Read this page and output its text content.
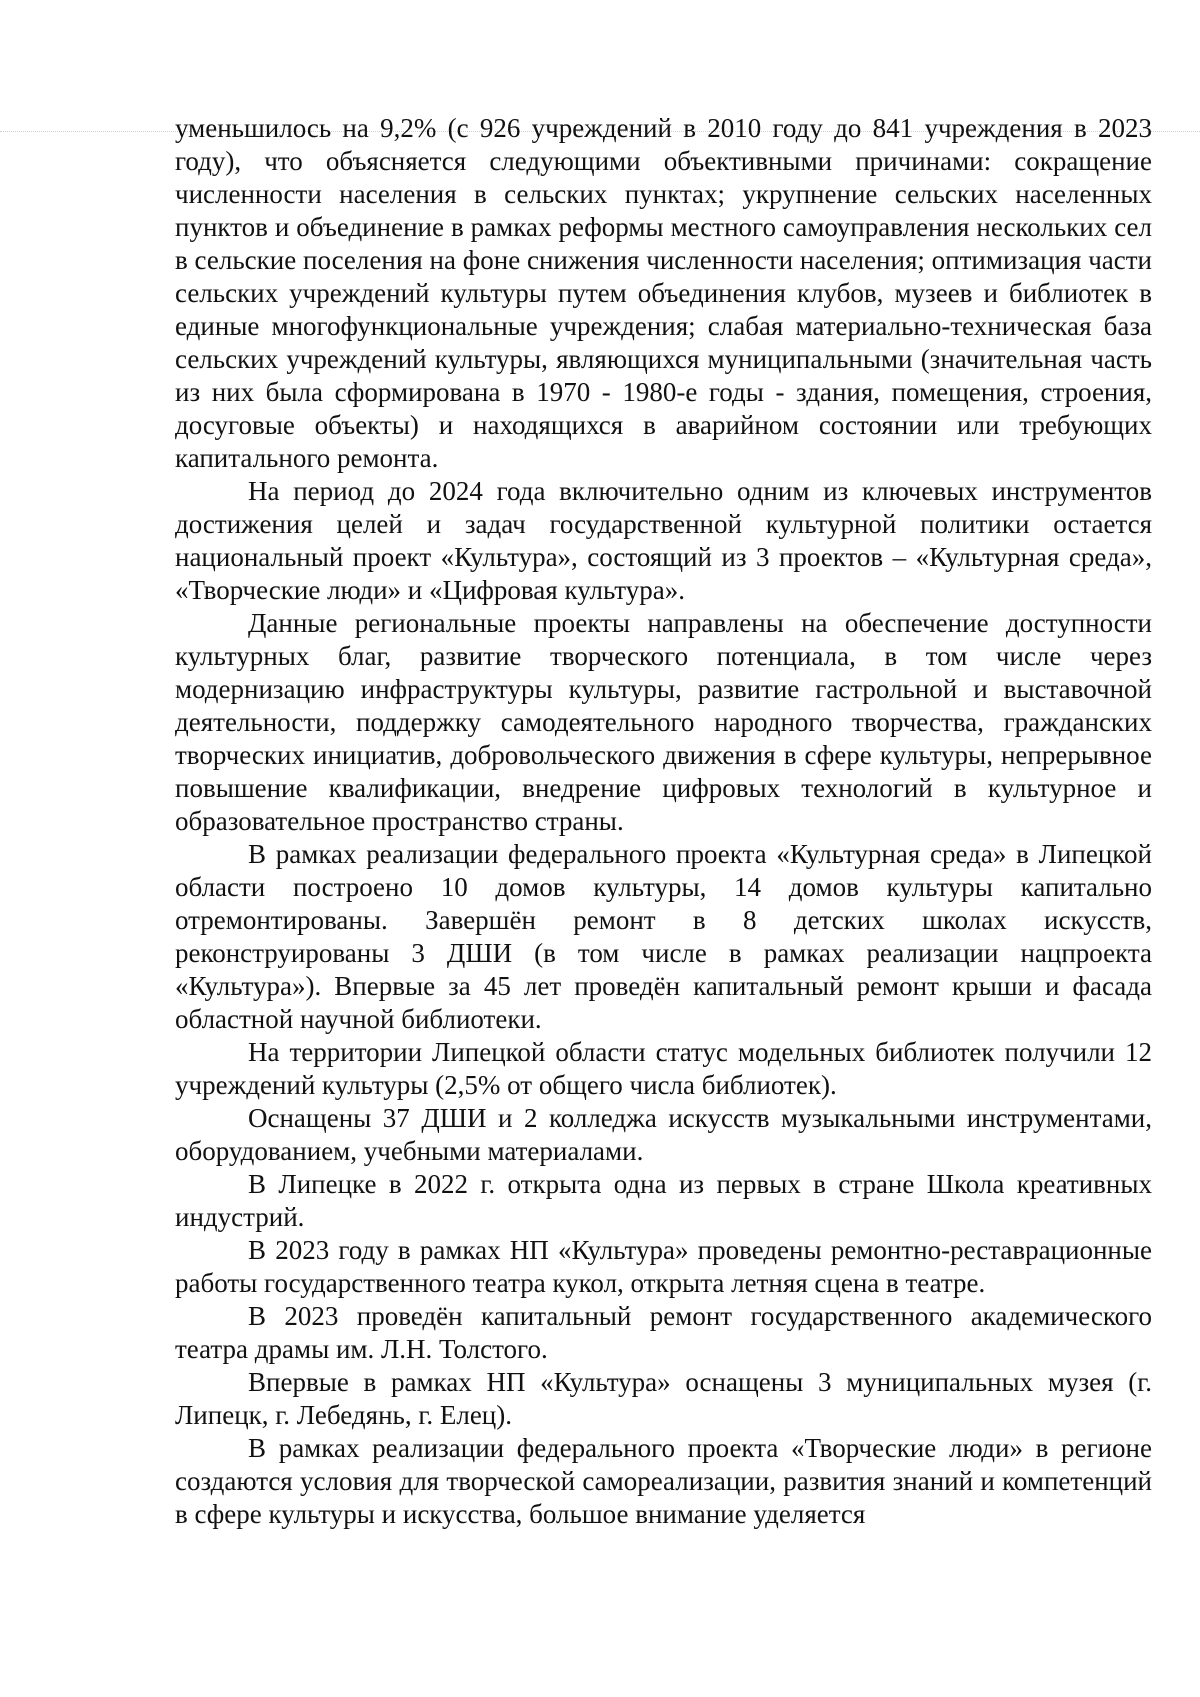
уменьшилось на 9,2% (с 926 учреждений в 2010 году до 841 учреждения в 2023 году), что объясняется следующими объективными причинами: сокращение численности населения в сельских пунктах; укрупнение сельских населенных пунктов и объединение в рамках реформы местного самоуправления нескольких сел в сельские поселения на фоне снижения численности населения; оптимизация части сельских учреждений культуры путем объединения клубов, музеев и библиотек в единые многофункциональные учреждения; слабая материально-техническая база сельских учреждений культуры, являющихся муниципальными (значительная часть из них была сформирована в 1970 - 1980-е годы - здания, помещения, строения, досуговые объекты) и находящихся в аварийном состоянии или требующих капитального ремонта.

На период до 2024 года включительно одним из ключевых инструментов достижения целей и задач государственной культурной политики остается национальный проект «Культура», состоящий из 3 проектов – «Культурная среда», «Творческие люди» и «Цифровая культура».

Данные региональные проекты направлены на обеспечение доступности культурных благ, развитие творческого потенциала, в том числе через модернизацию инфраструктуры культуры, развитие гастрольной и выставочной деятельности, поддержку самодеятельного народного творчества, гражданских творческих инициатив, добровольческого движения в сфере культуры, непрерывное повышение квалификации, внедрение цифровых технологий в культурное и образовательное пространство страны.

В рамках реализации федерального проекта «Культурная среда» в Липецкой области построено 10 домов культуры, 14 домов культуры капитально отремонтированы. Завершён ремонт в 8 детских школах искусств, реконструированы 3 ДШИ (в том числе в рамках реализации нацпроекта «Культура»). Впервые за 45 лет проведён капитальный ремонт крыши и фасада областной научной библиотеки.

На территории Липецкой области статус модельных библиотек получили 12 учреждений культуры (2,5% от общего числа библиотек).

Оснащены 37 ДШИ и 2 колледжа искусств музыкальными инструментами, оборудованием, учебными материалами.

В Липецке в 2022 г. открыта одна из первых в стране Школа креативных индустрий.

В 2023 году в рамках НП «Культура» проведены ремонтно-реставрационные работы государственного театра кукол, открыта летняя сцена в театре.

В 2023 проведён капитальный ремонт государственного академического театра драмы им. Л.Н. Толстого.

Впервые в рамках НП «Культура» оснащены 3 муниципальных музея (г. Липецк, г. Лебедянь, г. Елец).

В рамках реализации федерального проекта «Творческие люди» в регионе создаются условия для творческой самореализации, развития знаний и компетенций в сфере культуры и искусства, большое внимание уделяется
